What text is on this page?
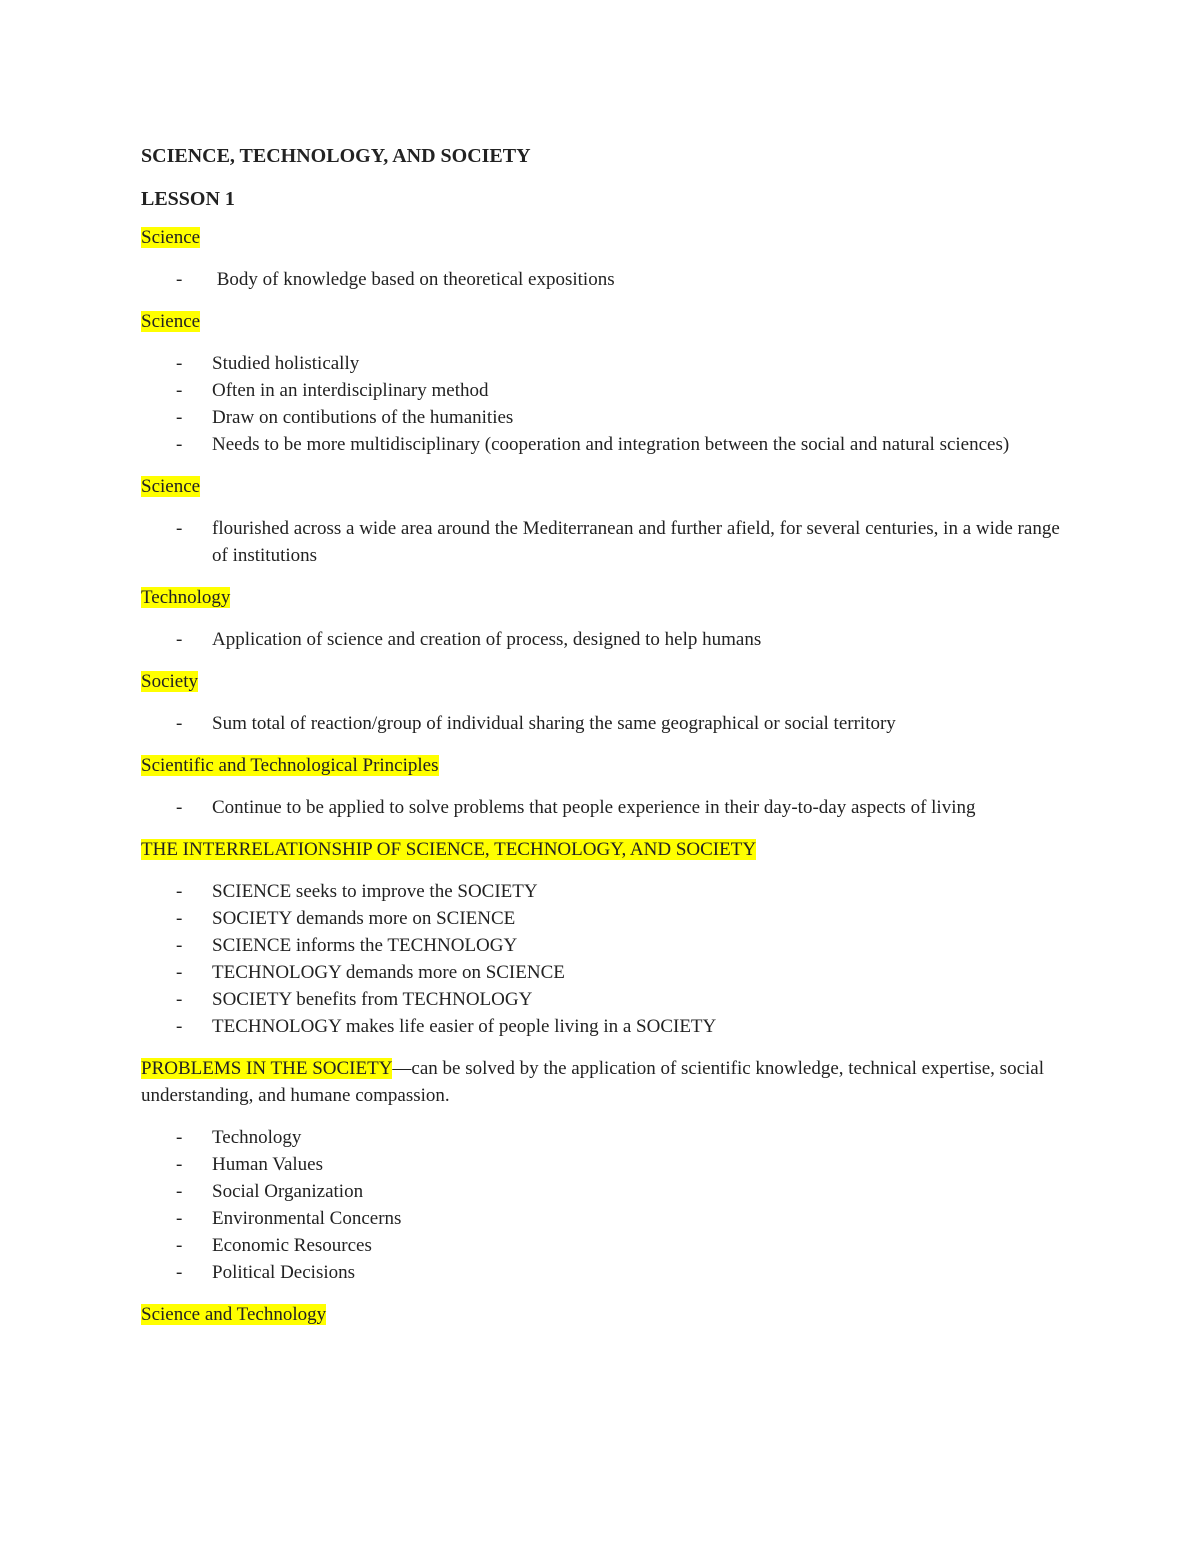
SCIENCE, TECHNOLOGY, AND SOCIETY
LESSON 1

Science

-  Body of knowledge based on theoretical expositions

Science

- Studied holistically
- Often in an interdisciplinary method
- Draw on contibutions of the humanities
- Needs to be more multidisciplinary (cooperation and integration between the social and natural sciences)

Science

- flourished across a wide area around the Mediterranean and further afield, for several centuries, in a wide range of institutions

Technology

- Application of science and creation of process, designed to help humans

Society

- Sum total of reaction/group of individual sharing the same geographical or social territory

Scientific and Technological Principles

- Continue to be applied to solve problems that people experience in their day-to-day aspects of living

THE INTERRELATIONSHIP OF SCIENCE, TECHNOLOGY, AND SOCIETY

- SCIENCE seeks to improve the SOCIETY
- SOCIETY demands more on SCIENCE
- SCIENCE informs the TECHNOLOGY
- TECHNOLOGY demands more on SCIENCE
- SOCIETY benefits from TECHNOLOGY
- TECHNOLOGY makes life easier of people living in a SOCIETY

PROBLEMS IN THE SOCIETY—can be solved by the application of scientific knowledge, technical expertise, social understanding, and humane compassion.

- Technology
- Human Values
- Social Organization
- Environmental Concerns
- Economic Resources
- Political Decisions

Science and Technology
